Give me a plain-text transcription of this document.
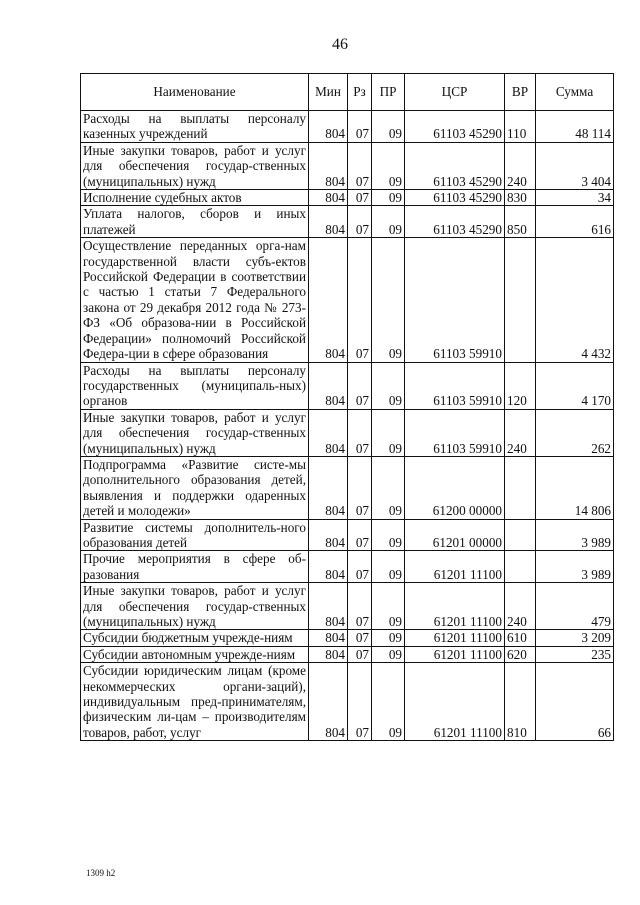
46
Наименование	Мин	Рз	ПР	ЦСР	ВР	Сумма
Расходы на выплаты персоналу казенных учреждений	804	07	09	61103 45290	110	48 114
Иные закупки товаров, работ и услуг для обеспечения государ-ственных (муниципальных) нужд	804	07	09	61103 45290	240	3 404
Исполнение судебных актов	804	07	09	61103 45290	830	34
Уплата налогов, сборов и иных платежей	804	07	09	61103 45290	850	616
Осуществление переданных орга-нам государственной власти субъ-ектов Российской Федерации в соответствии с частью 1 статьи 7 Федерального закона от 29 декабря 2012 года № 273-ФЗ «Об образова-нии в Российской Федерации» полномочий Российской Федера-ции в сфере образования	804	07	09	61103 59910		4 432
Расходы на выплаты персоналу государственных (муниципаль-ных) органов	804	07	09	61103 59910	120	4 170
Иные закупки товаров, работ и услуг для обеспечения государ-ственных (муниципальных) нужд	804	07	09	61103 59910	240	262
Подпрограмма «Развитие систе-мы дополнительного образования детей, выявления и поддержки одаренных детей и молодежи»	804	07	09	61200 00000		14 806
Развитие системы дополнитель-ного образования детей	804	07	09	61201 00000		3 989
Прочие мероприятия в сфере об-разования	804	07	09	61201 11100		3 989
Иные закупки товаров, работ и услуг для обеспечения государ-ственных (муниципальных) нужд	804	07	09	61201 11100	240	479
Субсидии бюджетным учрежде-ниям	804	07	09	61201 11100	610	3 209
Субсидии автономным учрежде-ниям	804	07	09	61201 11100	620	235
Субсидии юридическим лицам (кроме некоммерческих органи-заций), индивидуальным пред-принимателям, физическим ли-цам – производителям товаров, работ, услуг	804	07	09	61201 11100	810	66
1309 h2
